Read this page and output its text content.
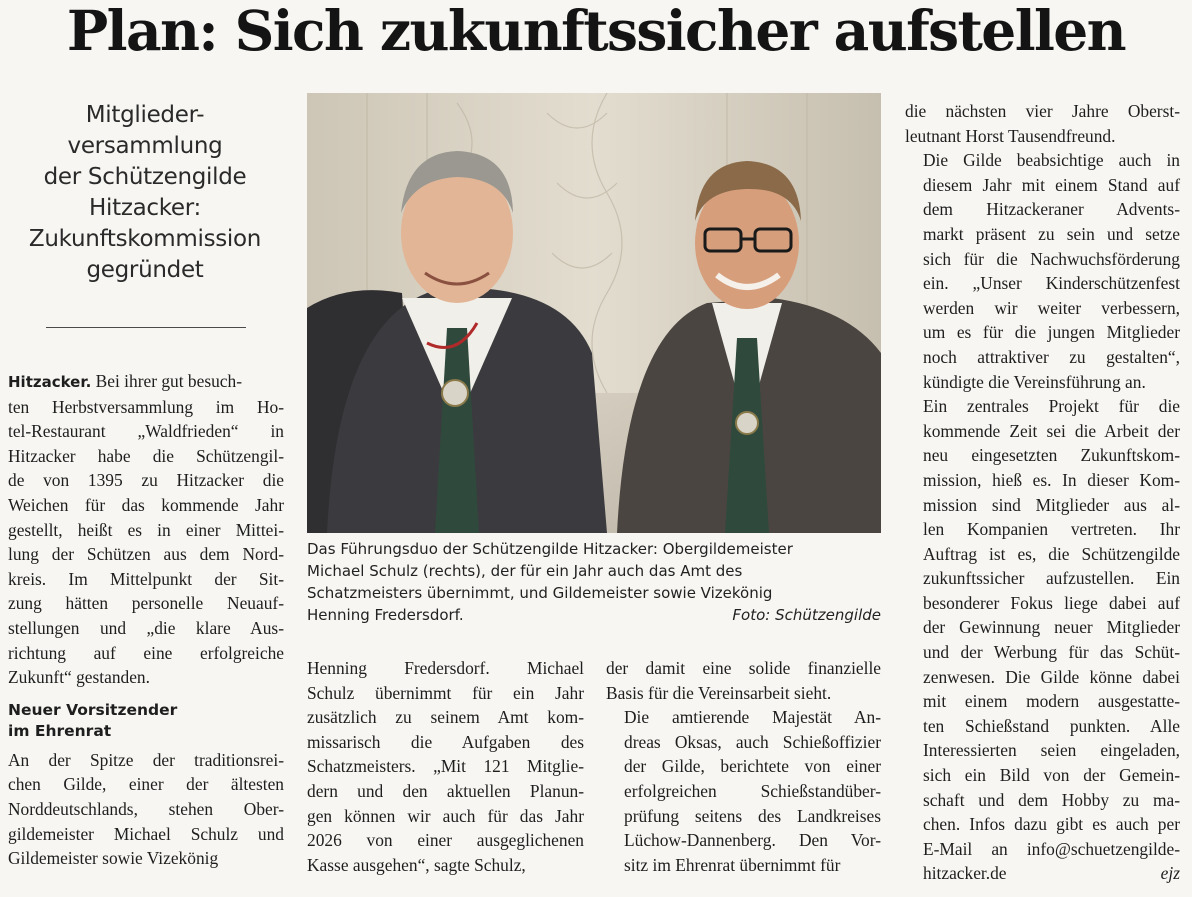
Plan: Sich zukunftssicher aufstellen
Mitglieder-
versammlung
der Schützengilde
Hitzacker:
Zukunftskommission
gegründet

Hitzacker. Bei ihrer gut besuch-
ten Herbstversammlung im Ho-
tel-Restaurant „Waldfrieden“ in
Hitzacker habe die Schützengil-
de von 1395 zu Hitzacker die
Weichen für das kommende Jahr
gestellt, heißt es in einer Mittei-
lung der Schützen aus dem Nord-
kreis. Im Mittelpunkt der Sit-
zung hätten personelle Neuauf-
stellungen und „die klare Aus-
richtung auf eine erfolgreiche
Zukunft“ gestanden.

Neuer Vorsitzender
im Ehrenrat

An der Spitze der traditionsrei-
chen Gilde, einer der ältesten
Norddeutschlands, stehen Ober-
gildemeister Michael Schulz und
Gildemeister sowie Vizekönig

Das Führungsduo der Schützengilde Hitzacker: Obergildemeister
Michael Schulz (rechts), der für ein Jahr auch das Amt des
Schatzmeisters übernimmt, und Gildemeister sowie Vizekönig
Henning Fredersdorf.	Foto: Schützengilde

Henning Fredersdorf. Michael
Schulz übernimmt für ein Jahr
zusätzlich zu seinem Amt kom-
missarisch die Aufgaben des
Schatzmeisters. „Mit 121 Mitglie-
dern und den aktuellen Planun-
gen können wir auch für das Jahr
2026 von einer ausgeglichenen
Kasse ausgehen“, sagte Schulz,

der damit eine solide finanzielle
Basis für die Vereinsarbeit sieht.

Die amtierende Majestät An-
dreas Oksas, auch Schießoffizier
der Gilde, berichtete von einer
erfolgreichen Schießstandüber-
prüfung seitens des Landkreises
Lüchow-Dannenberg. Den Vor-
sitz im Ehrenrat übernimmt für

die nächsten vier Jahre Oberst-
leutnant Horst Tausendfreund.

Die Gilde beabsichtige auch in
diesem Jahr mit einem Stand auf
dem Hitzackeraner Advents-
markt präsent zu sein und setze
sich für die Nachwuchsförderung
ein. „Unser Kinderschützenfest
werden wir weiter verbessern,
um es für die jungen Mitglieder
noch attraktiver zu gestalten“,
kündigte die Vereinsführung an.

Ein zentrales Projekt für die
kommende Zeit sei die Arbeit der
neu eingesetzten Zukunftskom-
mission, hieß es. In dieser Kom-
mission sind Mitglieder aus al-
len Kompanien vertreten. Ihr
Auftrag ist es, die Schützengilde
zukunftssicher aufzustellen. Ein
besonderer Fokus liege dabei auf
der Gewinnung neuer Mitglieder
und der Werbung für das Schüt-
zenwesen. Die Gilde könne dabei
mit einem modern ausgestatte-
ten Schießstand punkten. Alle
Interessierten seien eingeladen,
sich ein Bild von der Gemein-
schaft und dem Hobby zu ma-
chen. Infos dazu gibt es auch per
E-Mail an info@schuetzengilde-
hitzacker.de	ejz
